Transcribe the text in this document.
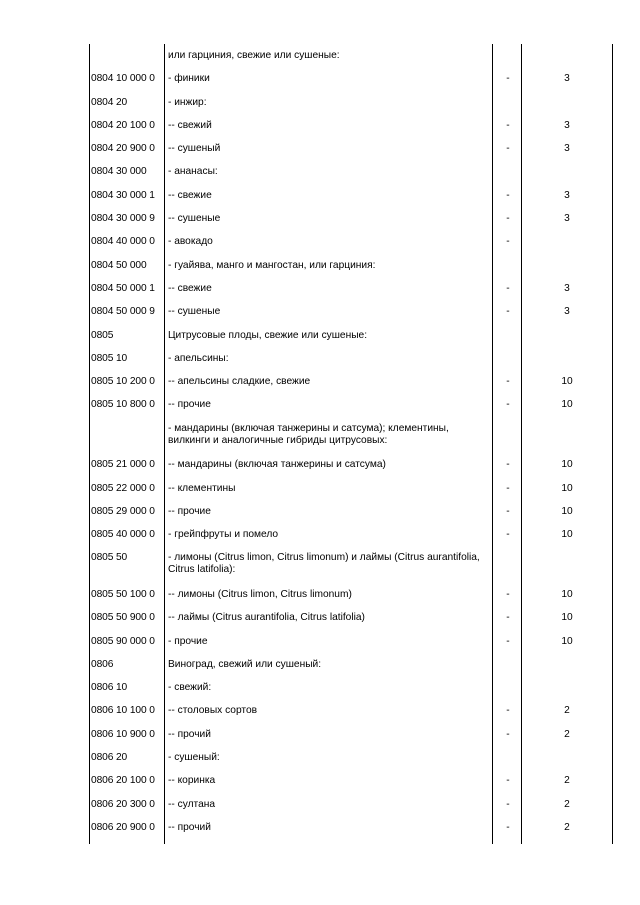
или гарциния, свежие или сушеные:
0804 10 000 0	- финики	-	3
0804 20	- инжир:
0804 20 100 0	-- свежий	-	3
0804 20 900 0	-- сушеный	-	3
0804 30 000	- ананасы:
0804 30 000 1	-- свежие	-	3
0804 30 000 9	-- сушеные	-	3
0804 40 000 0	- авокадо	-
0804 50 000	- гуайява, манго и мангостан, или гарциния:
0804 50 000 1	-- свежие	-	3
0804 50 000 9	-- сушеные	-	3
0805	Цитрусовые плоды, свежие или сушеные:
0805 10	- апельсины:
0805 10 200 0	-- апельсины сладкие, свежие	-	10
0805 10 800 0	-- прочие	-	10
- мандарины (включая танжерины и сатсума); клементины, вилкинги и аналогичные гибриды цитрусовых:
0805 21 000 0	-- мандарины (включая танжерины и сатсума)	-	10
0805 22 000 0	-- клементины	-	10
0805 29 000 0	-- прочие	-	10
0805 40 000 0	- грейпфруты и помело	-	10
0805 50	- лимоны (Citrus limon, Citrus limonum) и лаймы (Citrus aurantifolia, Citrus latifolia):
0805 50 100 0	-- лимоны (Citrus limon, Citrus limonum)	-	10
0805 50 900 0	-- лаймы (Citrus aurantifolia, Citrus latifolia)	-	10
0805 90 000 0	- прочие	-	10
0806	Виноград, свежий или сушеный:
0806 10	- свежий:
0806 10 100 0	-- столовых сортов	-	2
0806 10 900 0	-- прочий	-	2
0806 20	- сушеный:
0806 20 100 0	-- коринка	-	2
0806 20 300 0	-- султана	-	2
0806 20 900 0	-- прочий	-	2
